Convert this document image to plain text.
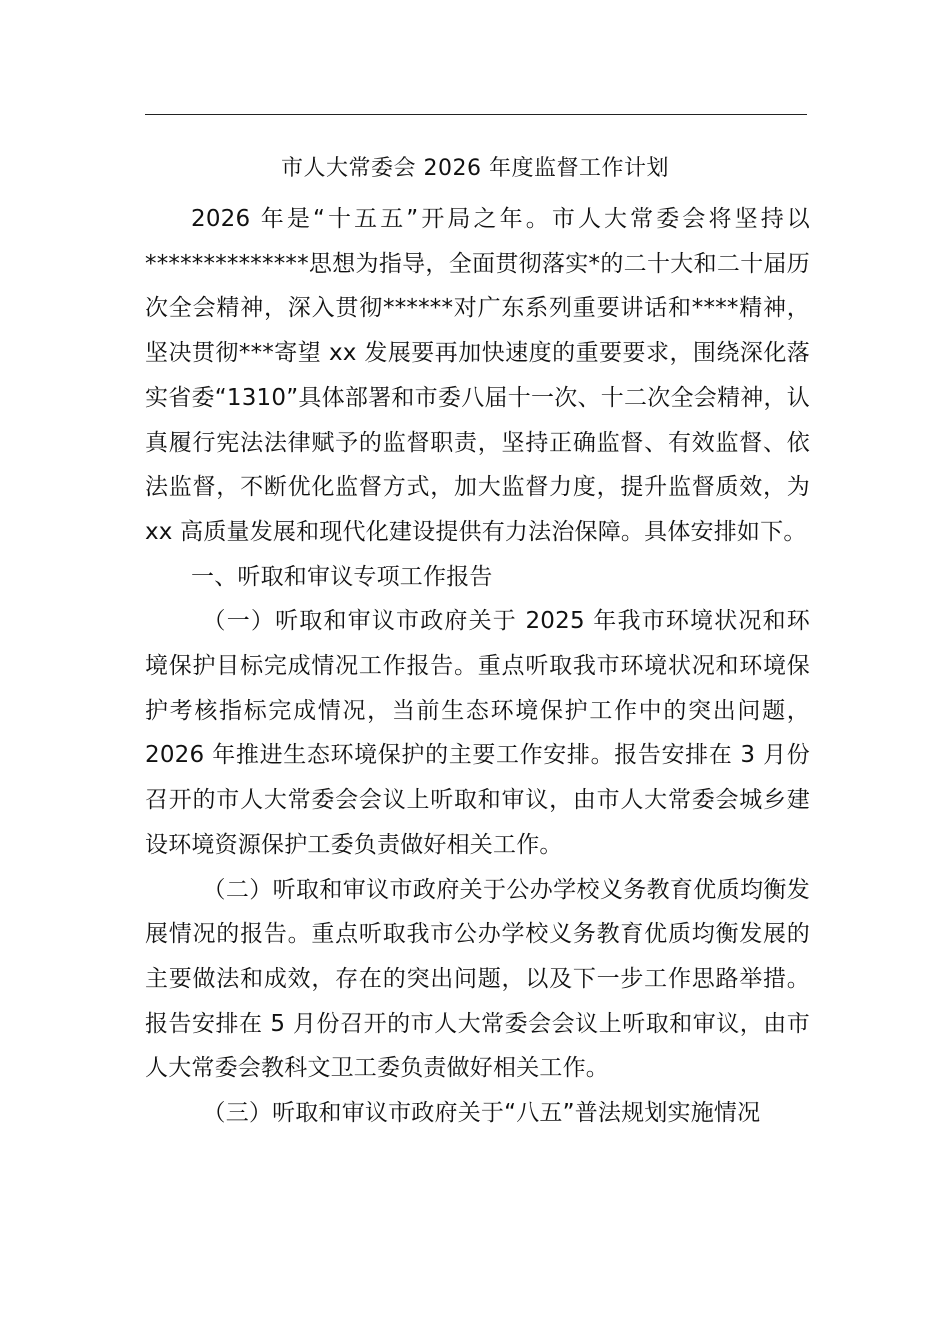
市人大常委会 2026 年度监督工作计划

2026 年是“十五五”开局之年。市人大常委会将坚持以**************思想为指导，全面贯彻落实*的二十大和二十届历次全会精神，深入贯彻******对广东系列重要讲话和****精神，坚决贯彻***寄望 xx 发展要再加快速度的重要要求，围绕深化落实省委“1310”具体部署和市委八届十一次、十二次全会精神，认真履行宪法法律赋予的监督职责，坚持正确监督、有效监督、依法监督，不断优化监督方式，加大监督力度，提升监督质效，为 xx 高质量发展和现代化建设提供有力法治保障。具体安排如下。

一、听取和审议专项工作报告

（一）听取和审议市政府关于 2025 年我市环境状况和环境保护目标完成情况工作报告。重点听取我市环境状况和环境保护考核指标完成情况，当前生态环境保护工作中的突出问题，2026 年推进生态环境保护的主要工作安排。报告安排在 3 月份召开的市人大常委会会议上听取和审议，由市人大常委会城乡建设环境资源保护工委负责做好相关工作。

（二）听取和审议市政府关于公办学校义务教育优质均衡发展情况的报告。重点听取我市公办学校义务教育优质均衡发展的主要做法和成效，存在的突出问题，以及下一步工作思路举措。报告安排在 5 月份召开的市人大常委会会议上听取和审议，由市人大常委会教科文卫工委负责做好相关工作。

（三）听取和审议市政府关于“八五”普法规划实施情况
